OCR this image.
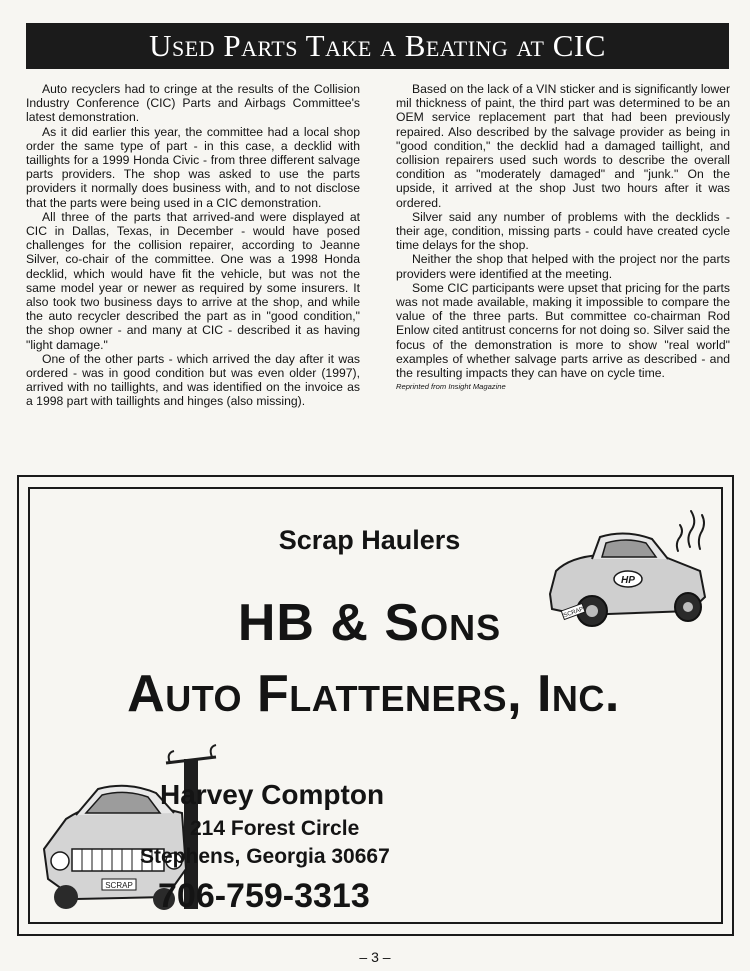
Used Parts Take a Beating at CIC

Auto recyclers had to cringe at the results of the Collision Industry Conference (CIC) Parts and Airbags Committee's latest demonstration.

As it did earlier this year, the committee had a local shop order the same type of part - in this case, a decklid with taillights for a 1999 Honda Civic - from three different salvage parts providers. The shop was asked to use the parts providers it normally does business with, and to not disclose that the parts were being used in a CIC demonstration.

All three of the parts that arrived-and were displayed at CIC in Dallas, Texas, in December - would have posed challenges for the collision repairer, according to Jeanne Silver, co-chair of the committee. One was a 1998 Honda decklid, which would have fit the vehicle, but was not the same model year or newer as required by some insurers. It also took two business days to arrive at the shop, and while the auto recycler described the part as in "good condition," the shop owner - and many at CIC - described it as having "light damage."

One of the other parts - which arrived the day after it was ordered - was in good condition but was even older (1997), arrived with no taillights, and was identified on the invoice as a 1998 part with taillights and hinges (also missing).

Based on the lack of a VIN sticker and is significantly lower mil thickness of paint, the third part was determined to be an OEM service replacement part that had been previously repaired. Also described by the salvage provider as being in "good condition," the decklid had a damaged taillight, and collision repairers used such words to describe the overall condition as "moderately damaged" and "junk." On the upside, it arrived at the shop Just two hours after it was ordered.

Silver said any number of problems with the decklids - their age, condition, missing parts - could have created cycle time delays for the shop.

Neither the shop that helped with the project nor the parts providers were identified at the meeting.

Some CIC participants were upset that pricing for the parts was not made available, making it impossible to compare the value of the three parts. But committee co-chairman Rod Enlow cited antitrust concerns for not doing so. Silver said the focus of the demonstration is more to show "real world" examples of whether salvage parts arrive as described - and the resulting impacts they can have on cycle time.

Reprinted from Insight Magazine

Scrap Haulers
HB & Sons
Auto Flatteners, Inc.
HP
SCRAP
SCRAP
Harvey Compton
214 Forest Circle
Stephens, Georgia 30667
706-759-3313
– 3 –
